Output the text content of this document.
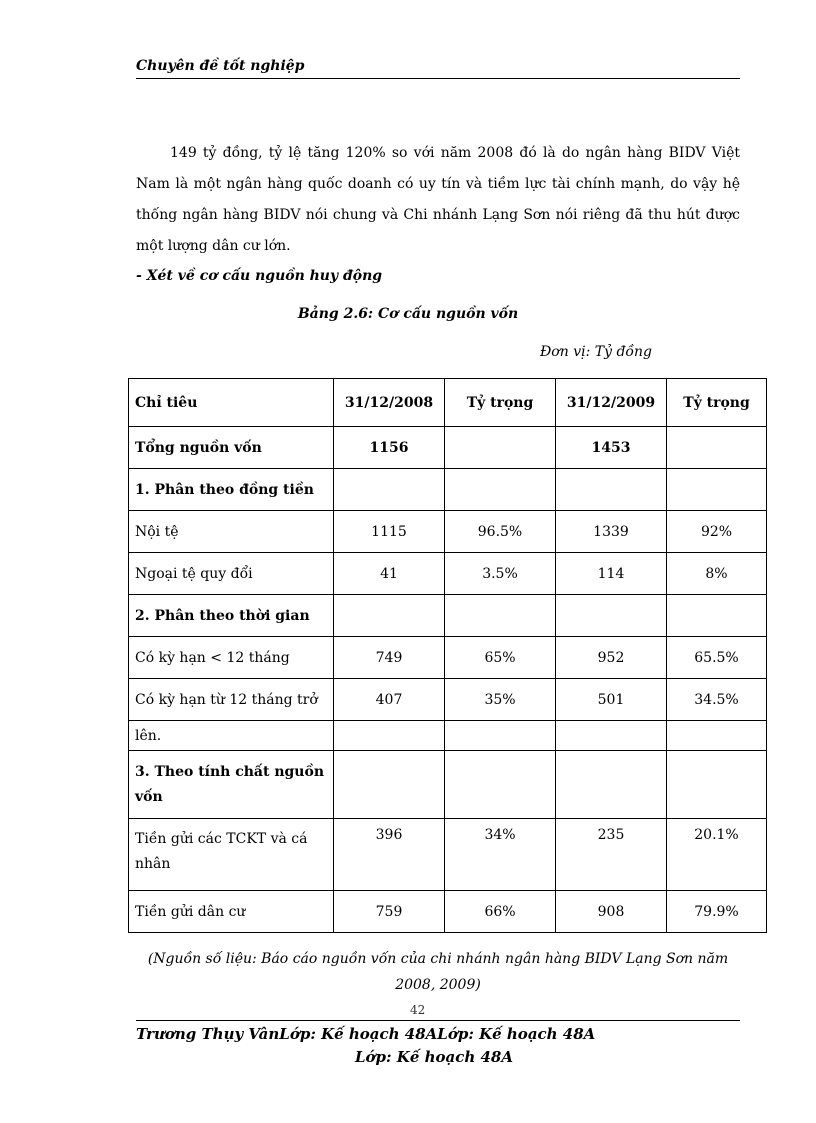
Chuyên đề tốt nghiệp

149 tỷ đồng, tỷ lệ tăng 120% so với năm 2008 đó là do ngân hàng BIDV Việt Nam là một ngân hàng quốc doanh có uy tín và tiềm lực tài chính mạnh, do vậy hệ thống ngân hàng BIDV nói chung và Chi nhánh Lạng Sơn nói riêng đã thu hút được một lượng dân cư lớn.

- Xét về cơ cấu nguồn huy động
Bảng 2.6: Cơ cấu nguồn vốn
Đơn vị: Tỷ đồng
Chỉ tiêu	31/12/2008	Tỷ trọng	31/12/2009	Tỷ trọng
Tổng nguồn vốn	1156		1453	
1. Phân theo đồng tiền				
Nội tệ	1115	96.5%	1339	92%
Ngoại tệ quy đổi	41	3.5%	114	8%
2. Phân theo thời gian				
Có kỳ hạn < 12 tháng	749	65%	952	65.5%
Có kỳ hạn từ 12 tháng trở	407	35%	501	34.5%
lên.				
3. Theo tính chất nguồn vốn				
Tiền gửi các TCKT và cá nhân	396	34%	235	20.1%
Tiền gửi dân cư	759	66%	908	79.9%
(Nguồn số liệu: Báo cáo nguồn vốn của chi nhánh ngân hàng BIDV Lạng Sơn năm 2008, 2009)
42
Trương Thụy VânLớp: Kế hoạch 48ALớp: Kế hoạch 48A
Lớp: Kế hoạch 48A
